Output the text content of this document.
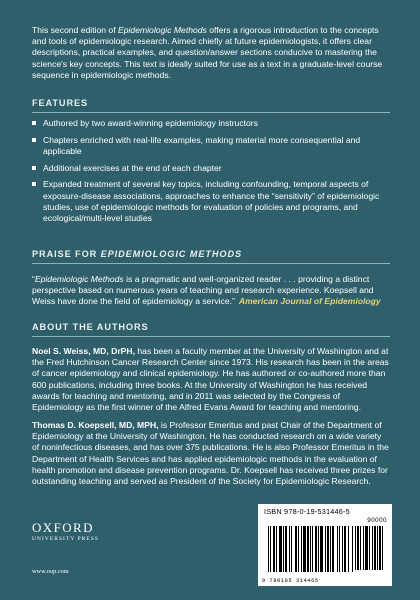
This second edition of Epidemiologic Methods offers a rigorous introduction to the concepts and tools of epidemiologic research. Aimed chiefly at future epidemiologists, it offers clear descriptions, practical examples, and question/answer sections conducive to mastering the science's key concepts. This text is ideally suited for use as a text in a graduate-level course sequence in epidemiologic methods.

FEATURES
Authored by two award-winning epidemiology instructors
Chapters enriched with real-life examples, making material more consequential and applicable
Additional exercises at the end of each chapter
Expanded treatment of several key topics, including confounding, temporal aspects of exposure-disease associations, approaches to enhance the “sensitivity” of epidemiologic studies, use of epidemiologic methods for evaluation of policies and programs, and ecological/multi-level studies
PRAISE FOR EPIDEMIOLOGIC METHODS

“Epidemiologic Methods is a pragmatic and well-organized reader . . . providing a distinct perspective based on numerous years of teaching and research experience. Koepsell and Weiss have done the field of epidemiology a service.” American Journal of Epidemiology

ABOUT THE AUTHORS

Noel S. Weiss, MD, DrPH, has been a faculty member at the University of Washington and at the Fred Hutchinson Cancer Research Center since 1973. His research has been in the areas of cancer epidemiology and clinical epidemiology. He has authored or co-authored more than 600 publications, including three books. At the University of Washington he has received awards for teaching and mentoring, and in 2011 was selected by the Congress of Epidemiology as the first winner of the Alfred Evans Award for teaching and mentoring.

Thomas D. Koepsell, MD, MPH, is Professor Emeritus and past Chair of the Department of Epidemiology at the University of Washington. He has conducted research on a wide variety of noninfectious diseases, and has over 375 publications. He is also Professor Emeritus in the Department of Health Services and has applied epidemiologic methods in the evaluation of health promotion and disease prevention programs. Dr. Koepsell has received three prizes for outstanding teaching and served as President of the Society for Epidemiologic Research.

OXFORD
UNIVERSITY PRESS
www.oup.com
ISBN 978-0-19-531446-5
90000
9 780195 314465
